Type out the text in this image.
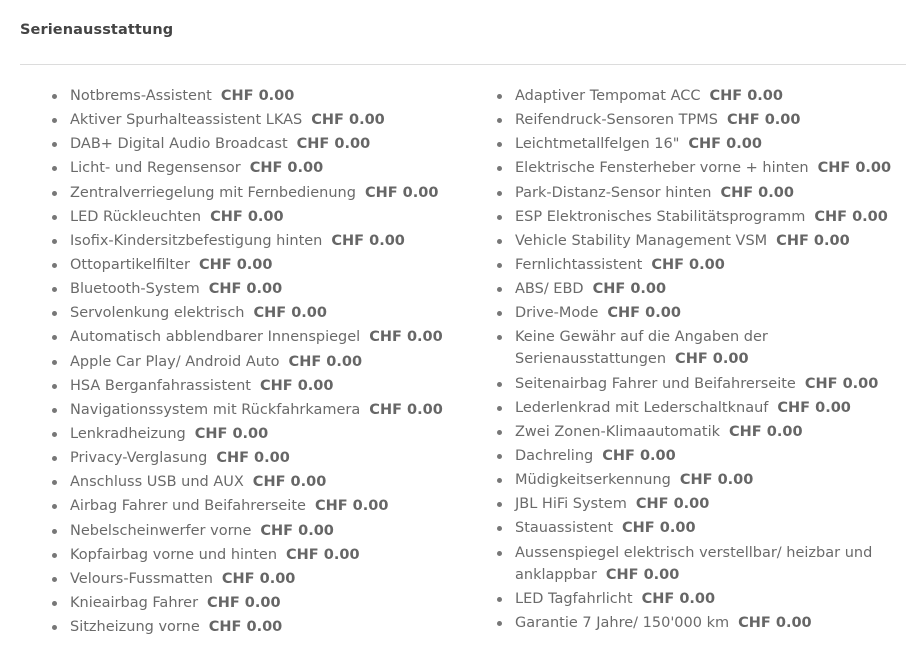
Serienausstattung
Notbrems-Assistent CHF 0.00
Aktiver Spurhalteassistent LKAS CHF 0.00
DAB+ Digital Audio Broadcast CHF 0.00
Licht- und Regensensor CHF 0.00
Zentralverriegelung mit Fernbedienung CHF 0.00
LED Rückleuchten CHF 0.00
Isofix-Kindersitzbefestigung hinten CHF 0.00
Ottopartikelfilter CHF 0.00
Bluetooth-System CHF 0.00
Servolenkung elektrisch CHF 0.00
Automatisch abblendbarer Innenspiegel CHF 0.00
Apple Car Play/ Android Auto CHF 0.00
HSA Berganfahrassistent CHF 0.00
Navigationssystem mit Rückfahrkamera CHF 0.00
Lenkradheizung CHF 0.00
Privacy-Verglasung CHF 0.00
Anschluss USB und AUX CHF 0.00
Airbag Fahrer und Beifahrerseite CHF 0.00
Nebelscheinwerfer vorne CHF 0.00
Kopfairbag vorne und hinten CHF 0.00
Velours-Fussmatten CHF 0.00
Knieairbag Fahrer CHF 0.00
Sitzheizung vorne CHF 0.00
Adaptiver Tempomat ACC CHF 0.00
Reifendruck-Sensoren TPMS CHF 0.00
Leichtmetallfelgen 16" CHF 0.00
Elektrische Fensterheber vorne + hinten CHF 0.00
Park-Distanz-Sensor hinten CHF 0.00
ESP Elektronisches Stabilitätsprogramm CHF 0.00
Vehicle Stability Management VSM CHF 0.00
Fernlichtassistent CHF 0.00
ABS/ EBD CHF 0.00
Drive-Mode CHF 0.00
Keine Gewähr auf die Angaben der Serienausstattungen CHF 0.00
Seitenairbag Fahrer und Beifahrerseite CHF 0.00
Lederlenkrad mit Lederschaltknauf CHF 0.00
Zwei Zonen-Klimaautomatik CHF 0.00
Dachreling CHF 0.00
Müdigkeitserkennung CHF 0.00
JBL HiFi System CHF 0.00
Stauassistent CHF 0.00
Aussenspiegel elektrisch verstellbar/ heizbar und anklappbar CHF 0.00
LED Tagfahrlicht CHF 0.00
Garantie 7 Jahre/ 150'000 km CHF 0.00
